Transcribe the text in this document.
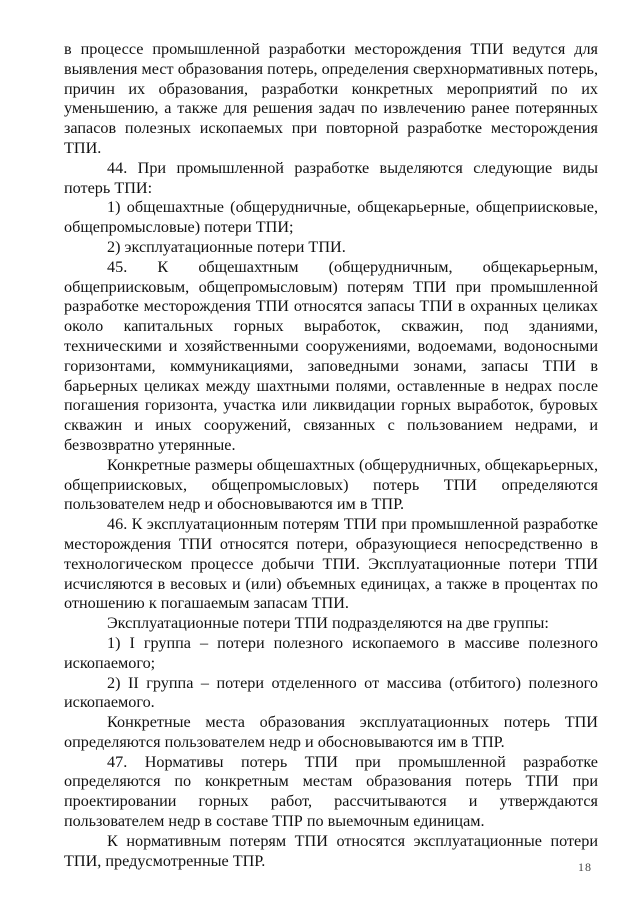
в процессе промышленной разработки месторождения ТПИ ведутся для выявления мест образования потерь, определения сверхнормативных потерь, причин их образования, разработки конкретных мероприятий по их уменьшению, а также для решения задач по извлечению ранее потерянных запасов полезных ископаемых при повторной разработке месторождения ТПИ.

44. При промышленной разработке выделяются следующие виды потерь ТПИ:

1) общешахтные (общерудничные, общекарьерные, общеприисковые, общепромысловые) потери ТПИ;

2) эксплуатационные потери ТПИ.

45. К общешахтным (общерудничным, общекарьерным, общеприисковым, общепромысловым) потерям ТПИ при промышленной разработке месторождения ТПИ относятся запасы ТПИ в охранных целиках около капитальных горных выработок, скважин, под зданиями, техническими и хозяйственными сооружениями, водоемами, водоносными горизонтами, коммуникациями, заповедными зонами, запасы ТПИ в барьерных целиках между шахтными полями, оставленные в недрах после погашения горизонта, участка или ликвидации горных выработок, буровых скважин и иных сооружений, связанных с пользованием недрами, и безвозвратно утерянные.

Конкретные размеры общешахтных (общерудничных, общекарьерных, общеприисковых, общепромысловых) потерь ТПИ определяются пользователем недр и обосновываются им в ТПР.

46. К эксплуатационным потерям ТПИ при промышленной разработке месторождения ТПИ относятся потери, образующиеся непосредственно в технологическом процессе добычи ТПИ. Эксплуатационные потери ТПИ исчисляются в весовых и (или) объемных единицах, а также в процентах по отношению к погашаемым запасам ТПИ.

Эксплуатационные потери ТПИ подразделяются на две группы:

1) I группа – потери полезного ископаемого в массиве полезного ископаемого;

2) II группа – потери отделенного от массива (отбитого) полезного ископаемого.

Конкретные места образования эксплуатационных потерь ТПИ определяются пользователем недр и обосновываются им в ТПР.

47. Нормативы потерь ТПИ при промышленной разработке определяются по конкретным местам образования потерь ТПИ при проектировании горных работ, рассчитываются и утверждаются пользователем недр в составе ТПР по выемочным единицам.

К нормативным потерям ТПИ относятся эксплуатационные потери ТПИ, предусмотренные ТПР.	18
